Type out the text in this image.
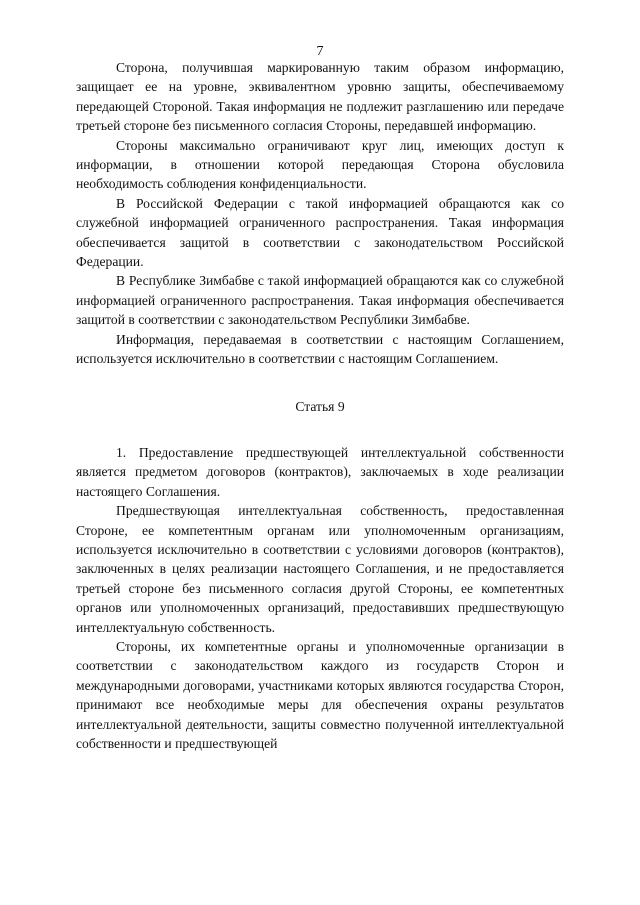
7

Сторона, получившая маркированную таким образом информацию, защищает ее на уровне, эквивалентном уровню защиты, обеспечиваемому передающей Стороной. Такая информация не подлежит разглашению или передаче третьей стороне без письменного согласия Стороны, передавшей информацию.

Стороны максимально ограничивают круг лиц, имеющих доступ к информации, в отношении которой передающая Сторона обусловила необходимость соблюдения конфиденциальности.

В Российской Федерации с такой информацией обращаются как со служебной информацией ограниченного распространения. Такая информация обеспечивается защитой в соответствии с законодательством Российской Федерации.

В Республике Зимбабве с такой информацией обращаются как со служебной информацией ограниченного распространения. Такая информация обеспечивается защитой в соответствии с законодательством Республики Зимбабве.

Информация, передаваемая в соответствии с настоящим Соглашением, используется исключительно в соответствии с настоящим Соглашением.

Статья 9

1. Предоставление предшествующей интеллектуальной собственности является предметом договоров (контрактов), заключаемых в ходе реализации настоящего Соглашения.

Предшествующая интеллектуальная собственность, предоставленная Стороне, ее компетентным органам или уполномоченным организациям, используется исключительно в соответствии с условиями договоров (контрактов), заключенных в целях реализации настоящего Соглашения, и не предоставляется третьей стороне без письменного согласия другой Стороны, ее компетентных органов или уполномоченных организаций, предоставивших предшествующую интеллектуальную собственность.

Стороны, их компетентные органы и уполномоченные организации в соответствии с законодательством каждого из государств Сторон и международными договорами, участниками которых являются государства Сторон, принимают все необходимые меры для обеспечения охраны результатов интеллектуальной деятельности, защиты совместно полученной интеллектуальной собственности и предшествующей
